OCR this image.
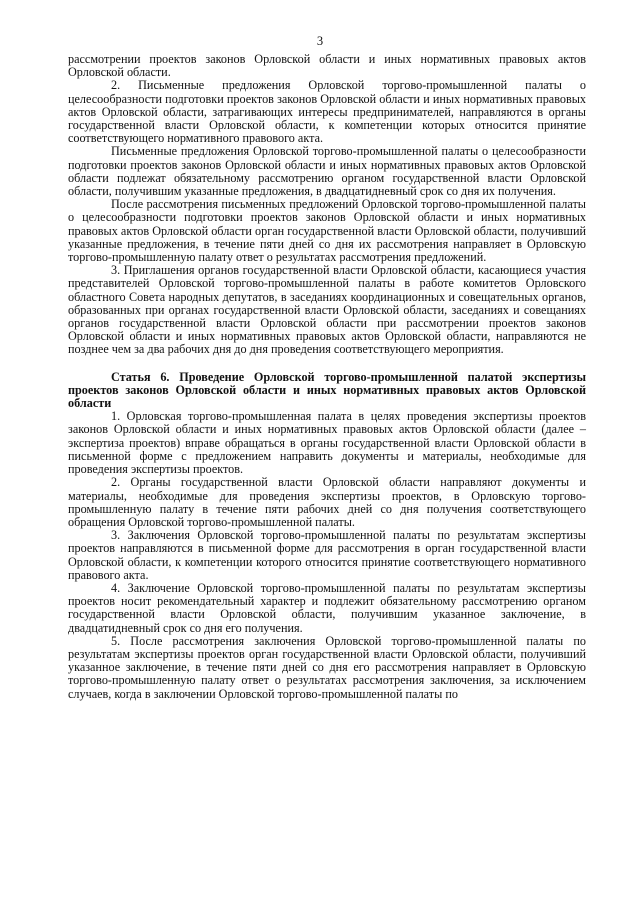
3

рассмотрении проектов законов Орловской области и иных нормативных правовых актов Орловской области.

2. Письменные предложения Орловской торгово-промышленной палаты о целесообразности подготовки проектов законов Орловской области и иных нормативных правовых актов Орловской области, затрагивающих интересы предпринимателей, направляются в органы государственной власти Орловской области, к компетенции которых относится принятие соответствующего нормативного правового акта.

Письменные предложения Орловской торгово-промышленной палаты о целесообразности подготовки проектов законов Орловской области и иных нормативных правовых актов Орловской области подлежат обязательному рассмотрению органом государственной власти Орловской области, получившим указанные предложения, в двадцатидневный срок со дня их получения.

После рассмотрения письменных предложений Орловской торгово-промышленной палаты о целесообразности подготовки проектов законов Орловской области и иных нормативных правовых актов Орловской области орган государственной власти Орловской области, получивший указанные предложения, в течение пяти дней со дня их рассмотрения направляет в Орловскую торгово-промышленную палату ответ о результатах рассмотрения предложений.

3. Приглашения органов государственной власти Орловской области, касающиеся участия представителей Орловской торгово-промышленной палаты в работе комитетов Орловского областного Совета народных депутатов, в заседаниях координационных и совещательных органов, образованных при органах государственной власти Орловской области, заседаниях и совещаниях органов государственной власти Орловской области при рассмотрении проектов законов Орловской области и иных нормативных правовых актов Орловской области, направляются не позднее чем за два рабочих дня до дня проведения соответствующего мероприятия.

Статья 6. Проведение Орловской торгово-промышленной палатой экспертизы проектов законов Орловской области и иных нормативных правовых актов Орловской области

1. Орловская торгово-промышленная палата в целях проведения экспертизы проектов законов Орловской области и иных нормативных правовых актов Орловской области (далее – экспертиза проектов) вправе обращаться в органы государственной власти Орловской области в письменной форме с предложением направить документы и материалы, необходимые для проведения экспертизы проектов.

2. Органы государственной власти Орловской области направляют документы и материалы, необходимые для проведения экспертизы проектов, в Орловскую торгово-промышленную палату в течение пяти рабочих дней со дня получения соответствующего обращения Орловской торгово-промышленной палаты.

3. Заключения Орловской торгово-промышленной палаты по результатам экспертизы проектов направляются в письменной форме для рассмотрения в орган государственной власти Орловской области, к компетенции которого относится принятие соответствующего нормативного правового акта.

4. Заключение Орловской торгово-промышленной палаты по результатам экспертизы проектов носит рекомендательный характер и подлежит обязательному рассмотрению органом государственной власти Орловской области, получившим указанное заключение, в двадцатидневный срок со дня его получения.

5. После рассмотрения заключения Орловской торгово-промышленной палаты по результатам экспертизы проектов орган государственной власти Орловской области, получивший указанное заключение, в течение пяти дней со дня его рассмотрения направляет в Орловскую торгово-промышленную палату ответ о результатах рассмотрения заключения, за исключением случаев, когда в заключении Орловской торгово-промышленной палаты по
